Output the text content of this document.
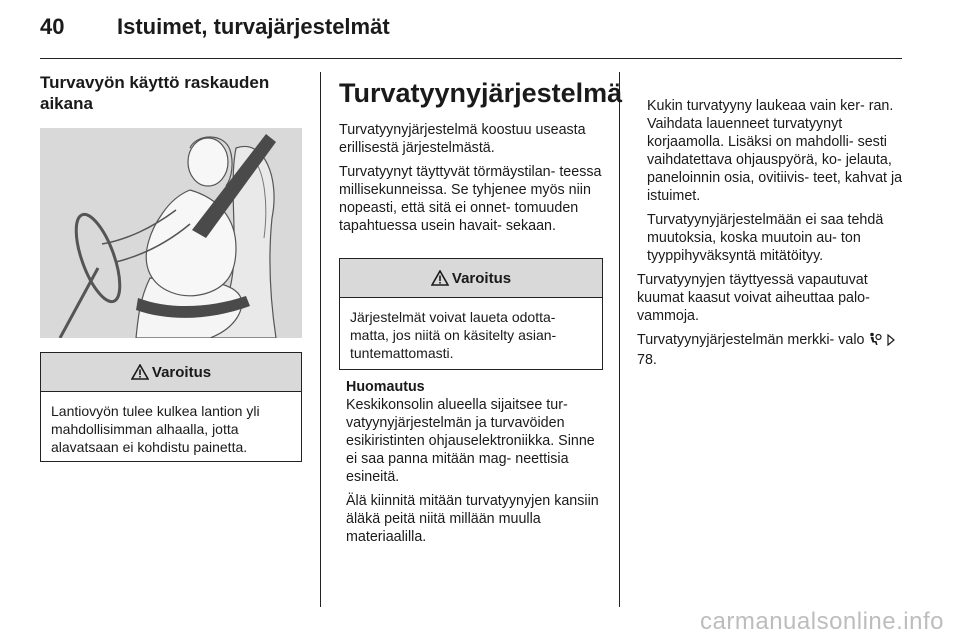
40 Istuimet, turvajärjestelmät
Turvavyön käyttö raskauden aikana
Varoitus
Lantiovyön tulee kulkea lantion yli mahdollisimman alhaalla, jotta alavatsaan ei kohdistu painetta.
Turvatyynyjärjestelmä

Turvatyynyjärjestelmä koostuu useasta erillisestä järjestelmästä.

Turvatyynyt täyttyvät törmäystilan- teessa millisekunneissa. Se tyhjenee myös niin nopeasti, että sitä ei onnet- tomuuden tapahtuessa usein havait- sekaan.

Varoitus
Järjestelmät voivat laueta odotta- matta, jos niitä on käsitelty asian- tuntemattomasti.

Huomautus

Keskikonsolin alueella sijaitsee tur- vatyynyjärjestelmän ja turvavöiden esikiristinten ohjauselektroniikka. Sinne ei saa panna mitään mag- neettisia esineitä.

Älä kiinnitä mitään turvatyynyjen kansiin äläkä peitä niitä millään muulla materiaalilla.

Kukin turvatyyny laukeaa vain ker- ran. Vaihdata lauenneet turvatyynyt korjaamolla. Lisäksi on mahdolli- sesti vaihdatettava ohjauspyörä, ko- jelauta, paneloinnin osia, ovitiivis- teet, kahvat ja istuimet.

Turvatyynyjärjestelmään ei saa tehdä muutoksia, koska muutoin au- ton tyyppihyväksyntä mitätöityy.

Turvatyynyjen täyttyessä vapautuvat kuumat kaasut voivat aiheuttaa palo- vammoja.

Turvatyynyjärjestelmän merkki- valo   78.

carmanualsonline.info
